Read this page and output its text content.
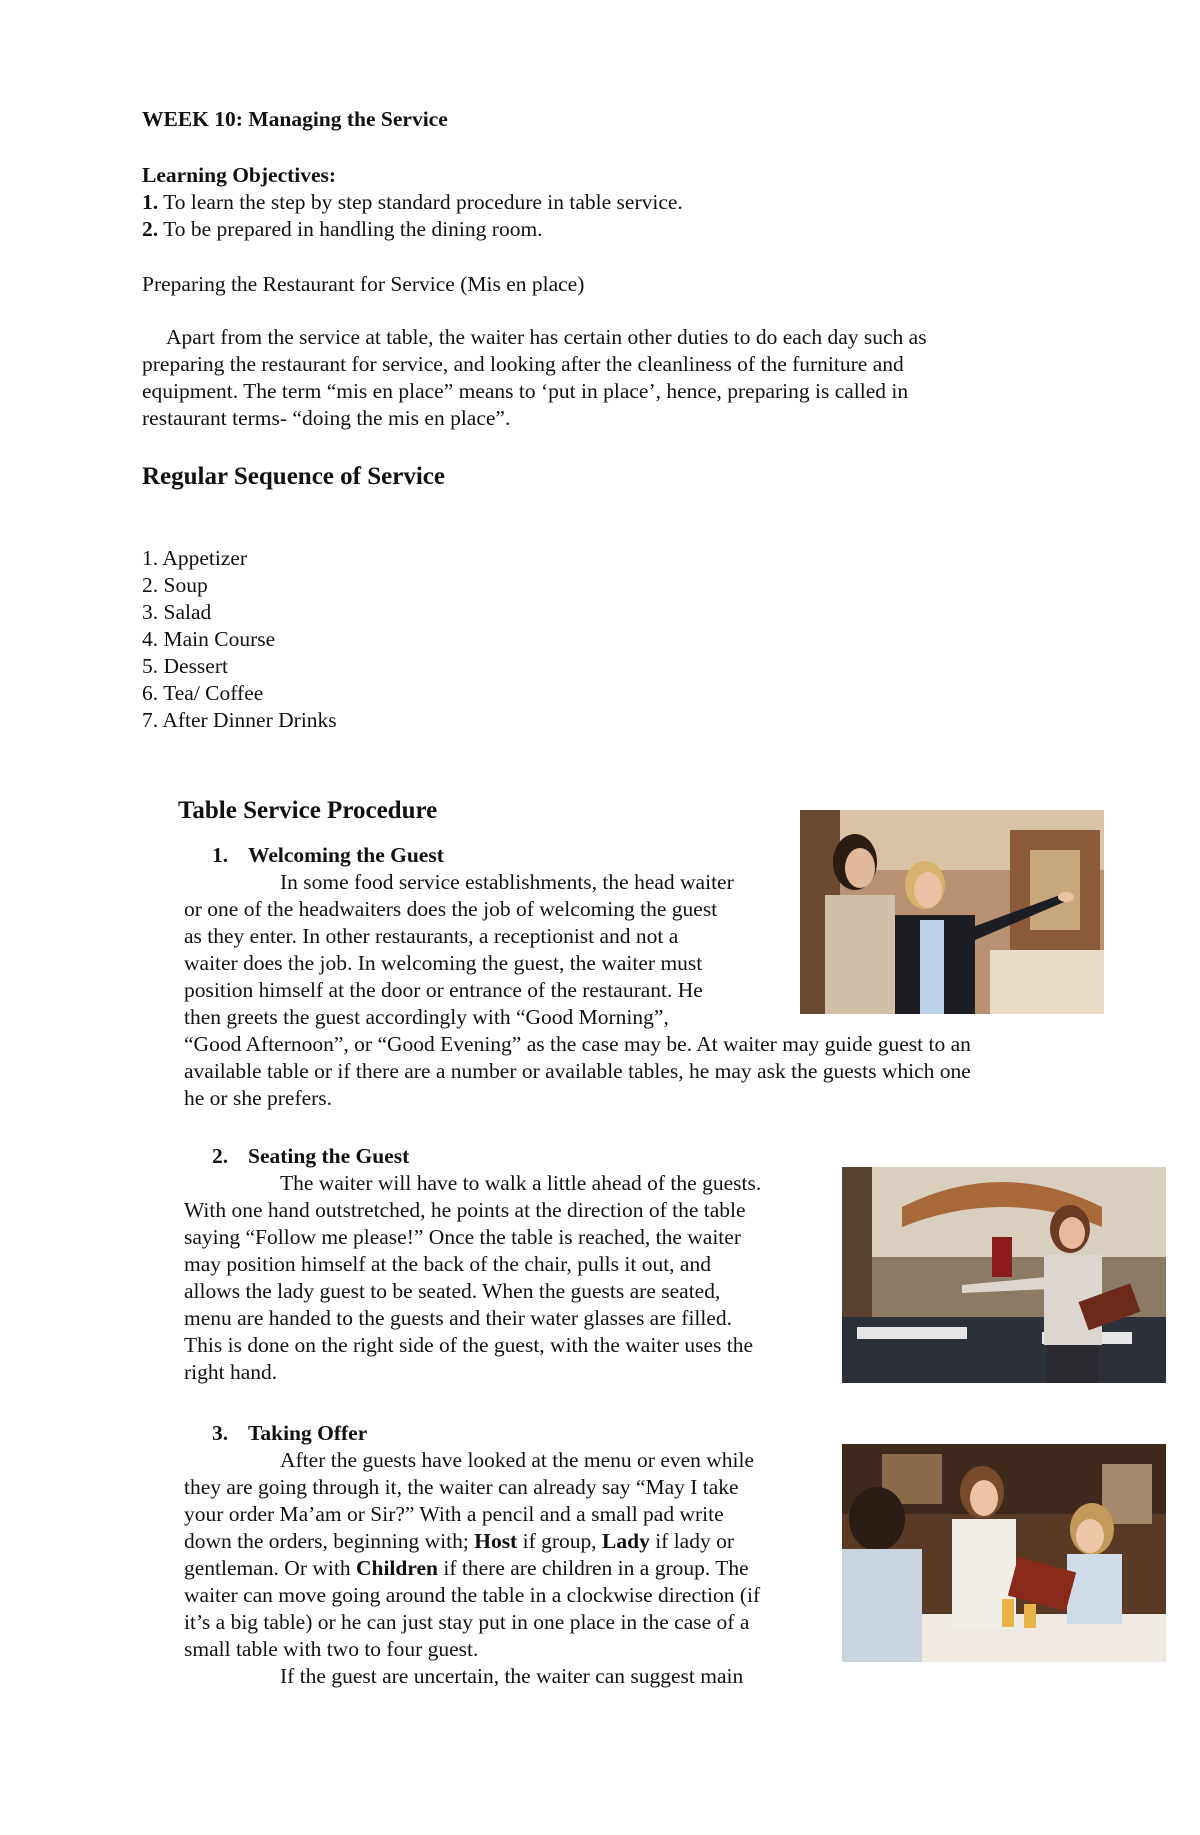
WEEK 10: Managing the Service
Learning Objectives:
1. To learn the step by step standard procedure in table service.
2. To be prepared in handling the dining room.
Preparing the Restaurant for Service (Mis en place)
Apart from the service at table, the waiter has certain other duties to do each day such as
preparing the restaurant for service, and looking after the cleanliness of the furniture and
equipment. The term “mis en place” means to ‘put in place’, hence, preparing is called in
restaurant terms- “doing the mis en place”.
Regular Sequence of Service
1. Appetizer
2. Soup
3. Salad
4. Main Course
5. Dessert
6. Tea/ Coffee
7. After Dinner Drinks
Table Service Procedure
1. Welcoming the Guest
In some food service establishments, the head waiter
or one of the headwaiters does the job of welcoming the guest
as they enter. In other restaurants, a receptionist and not a
waiter does the job. In welcoming the guest, the waiter must
position himself at the door or entrance of the restaurant. He
then greets the guest accordingly with “Good Morning”,
“Good Afternoon”, or “Good Evening” as the case may be. At waiter may guide guest to an
available table or if there are a number or available tables, he may ask the guests which one
he or she prefers.
2. Seating the Guest
The waiter will have to walk a little ahead of the guests.
With one hand outstretched, he points at the direction of the table
saying “Follow me please!” Once the table is reached, the waiter
may position himself at the back of the chair, pulls it out, and
allows the lady guest to be seated. When the guests are seated,
menu are handed to the guests and their water glasses are filled.
This is done on the right side of the guest, with the waiter uses the
right hand.
3. Taking Offer
After the guests have looked at the menu or even while
they are going through it, the waiter can already say “May I take
your order Ma’am or Sir?” With a pencil and a small pad write
down the orders, beginning with; Host if group, Lady if lady or
gentleman. Or with Children if there are children in a group. The
waiter can move going around the table in a clockwise direction (if
it’s a big table) or he can just stay put in one place in the case of a
small table with two to four guest.
If the guest are uncertain, the waiter can suggest main
